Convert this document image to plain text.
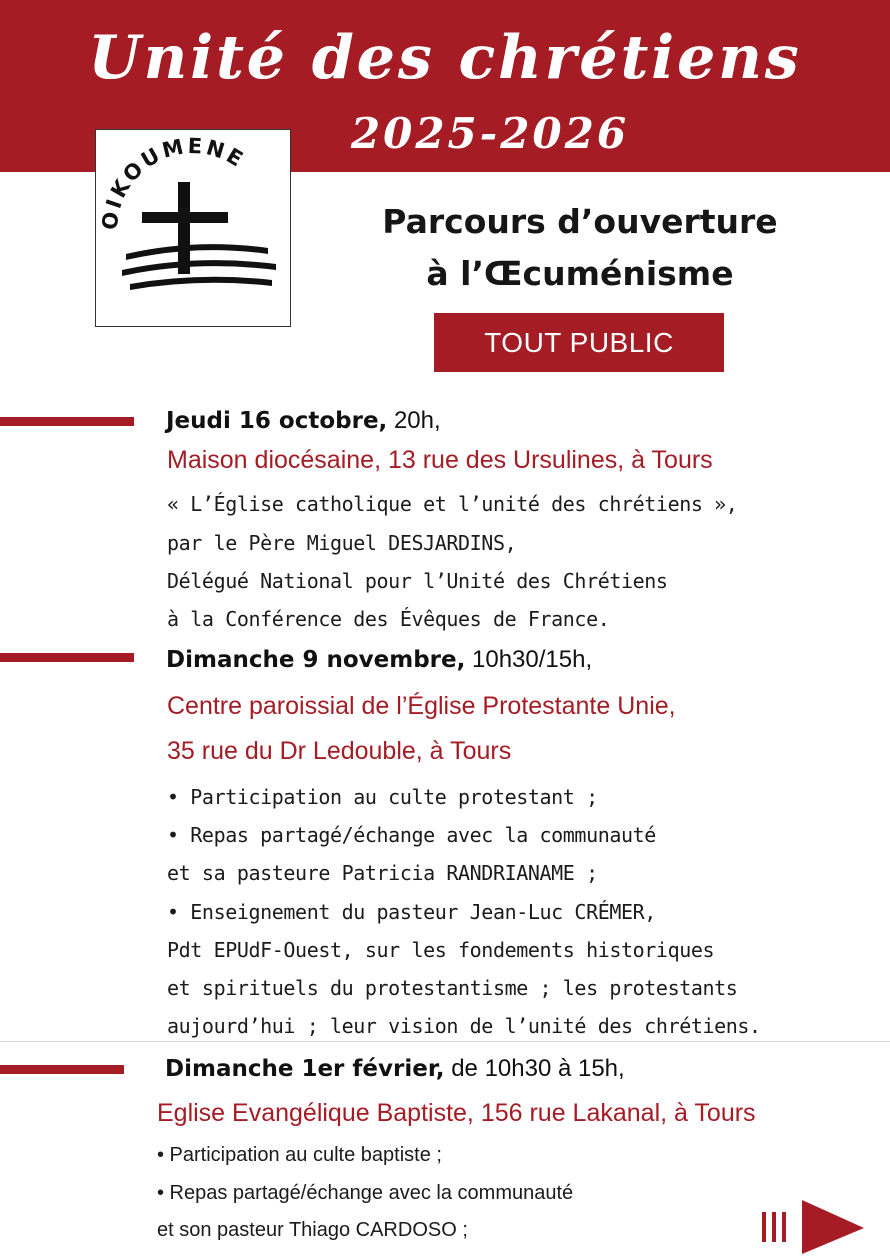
Unité des chrétiens
2025-2026
OIKOUMENE
Parcours d’ouverture
à l’Œcuménisme
TOUT PUBLIC
Jeudi 16 octobre, 20h,
Maison diocésaine, 13 rue des Ursulines, à Tours
« L’Église catholique et l’unité des chrétiens »,
par le Père Miguel DESJARDINS,
Délégué National pour l’Unité des Chrétiens
à la Conférence des Évêques de France.
Dimanche 9 novembre, 10h30/15h,
Centre paroissial de l’Église Protestante Unie,
35 rue du Dr Ledouble, à Tours
• Participation au culte protestant ;
• Repas partagé/échange avec la communauté
et sa pasteure Patricia RANDRIANAME ;
• Enseignement du pasteur Jean-Luc CRÉMER,
Pdt EPUdF-Ouest, sur les fondements historiques
et spirituels du protestantisme ; les protestants
aujourd’hui ; leur vision de l’unité des chrétiens.
Dimanche 1er février, de 10h30 à 15h,
Eglise Evangélique Baptiste, 156 rue Lakanal, à Tours
• Participation au culte baptiste ;
• Repas partagé/échange avec la communauté
et son pasteur Thiago CARDOSO ;
